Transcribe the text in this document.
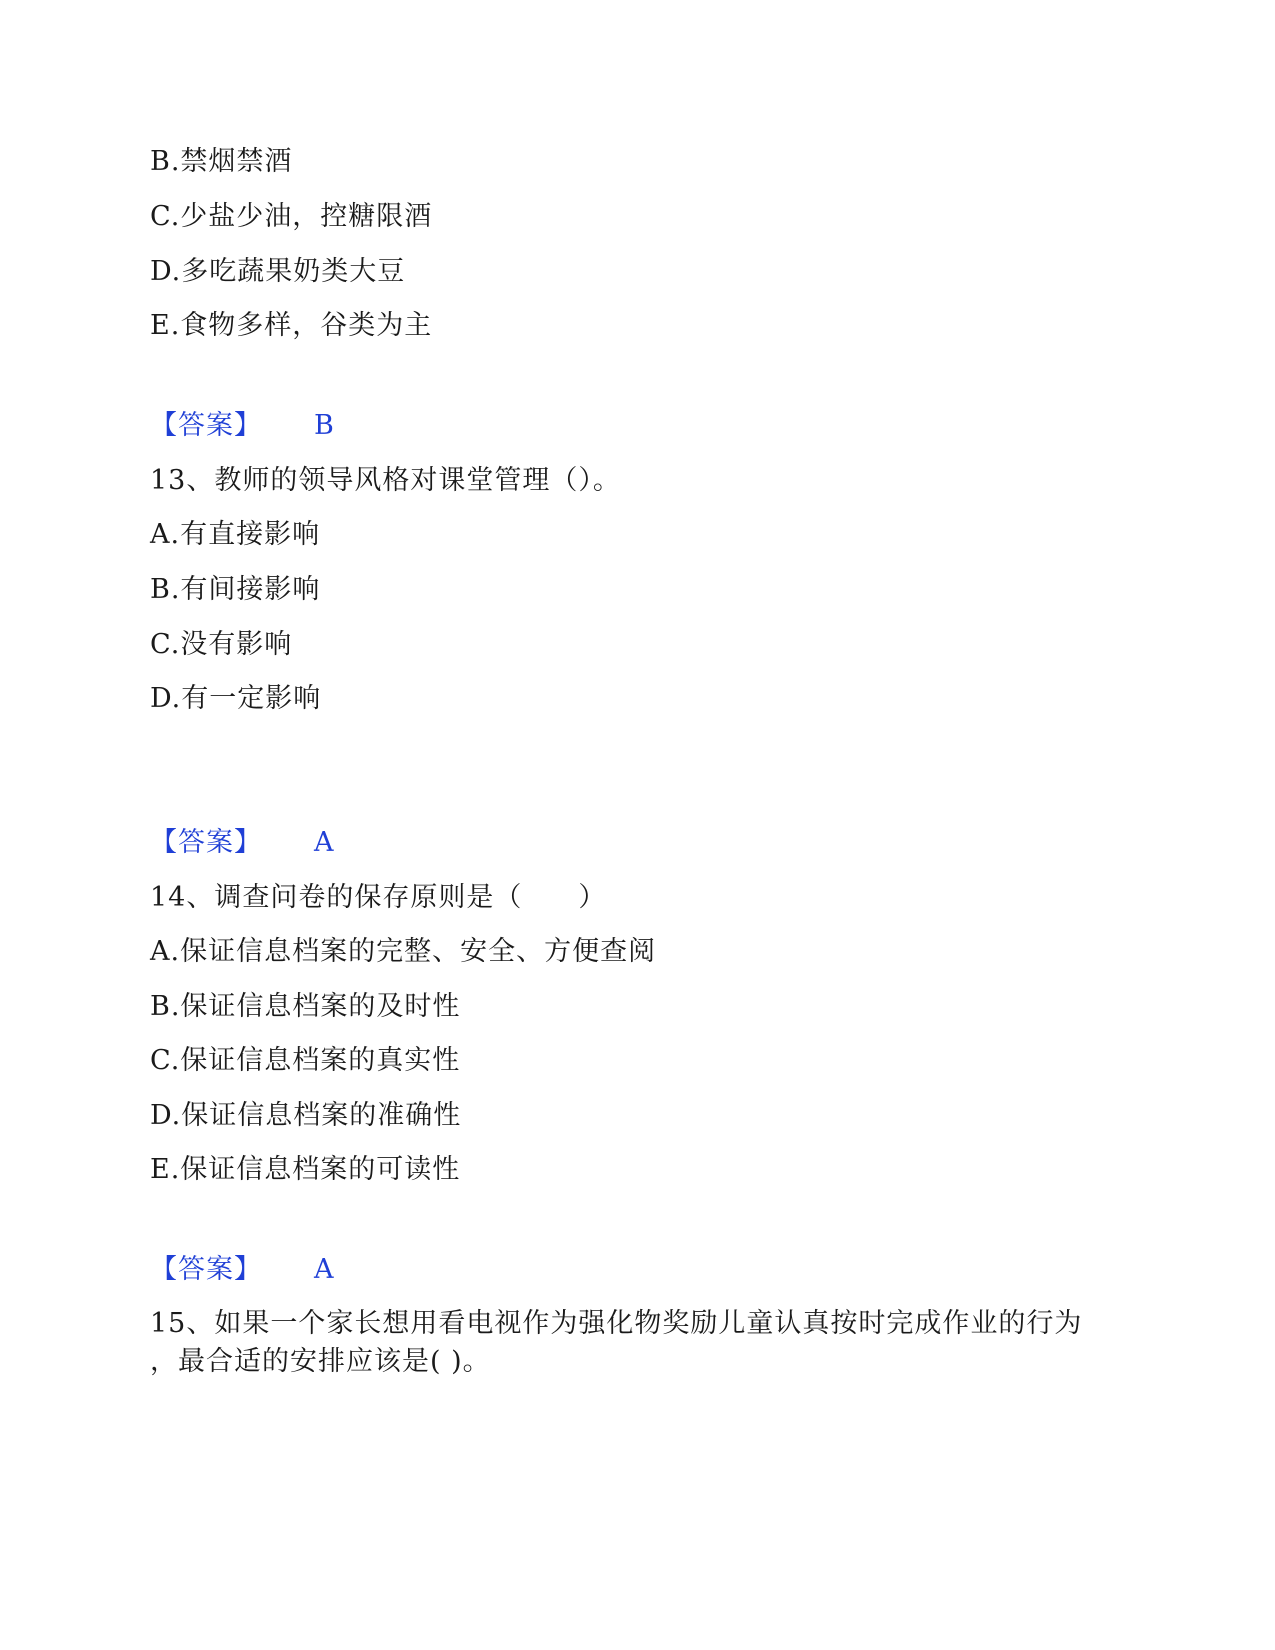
B.禁烟禁酒
C.少盐少油，控糖限酒
D.多吃蔬果奶类大豆
E.食物多样，谷类为主
【答案】 B
13、教师的领导风格对课堂管理（）。
A.有直接影响
B.有间接影响
C.没有影响
D.有一定影响
【答案】 A
14、调查问卷的保存原则是（　　）
A.保证信息档案的完整、安全、方便查阅
B.保证信息档案的及时性
C.保证信息档案的真实性
D.保证信息档案的准确性
E.保证信息档案的可读性
【答案】 A
15、如果一个家长想用看电视作为强化物奖励儿童认真按时完成作业的行为
，最合适的安排应该是( )。
